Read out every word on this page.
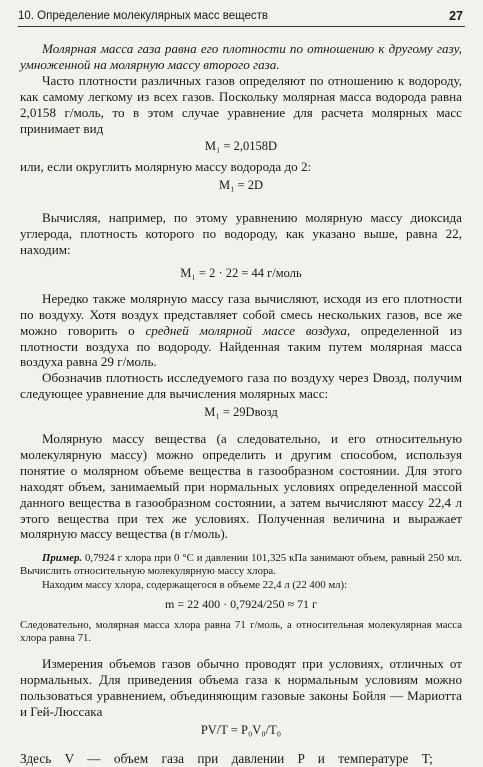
10. Определение молекулярных масс веществ	27

Молярная масса газа равна его плотности по отношению к другому газу, умноженной на молярную массу второго газа.

Часто плотности различных газов определяют по отношению к водороду, как самому легкому из всех газов. Поскольку молярная масса водорода равна 2,0158 г/моль, то в этом случае уравнение для расчета молярных масс принимает вид

M₁ = 2,0158D

или, если округлить молярную массу водорода до 2:

M₁ = 2D

Вычисляя, например, по этому уравнению молярную массу диоксида углерода, плотность которого по водороду, как указано выше, равна 22, находим:

M₁ = 2 · 22 = 44 г/моль

Нередко также молярную массу газа вычисляют, исходя из его плотности по воздуху. Хотя воздух представляет собой смесь нескольких газов, все же можно говорить о средней молярной массе воздуха, определенной из плотности воздуха по водороду. Найденная таким путем молярная масса воздуха равна 29 г/моль.

Обозначив плотность исследуемого газа по воздуху через Dвозд, получим следующее уравнение для вычисления молярных масс:

M₁ = 29Dвозд

Молярную массу вещества (а следовательно, и его относительную молекулярную массу) можно определить и другим способом, используя понятие о молярном объеме вещества в газообразном состоянии. Для этого находят объем, занимаемый при нормальных условиях определенной массой данного вещества в газообразном состоянии, а затем вычисляют массу 22,4 л этого вещества при тех же условиях. Полученная величина и выражает молярную массу вещества (в г/моль).

Пример. 0,7924 г хлора при 0 °С и давлении 101,325 кПа занимают объем, равный 250 мл. Вычислить относительную молекулярную массу хлора.

Находим массу хлора, содержащегося в объеме 22,4 л (22 400 мл):

m = 22 400 · 0,7924/250 ≈ 71 г

Следовательно, молярная масса хлора равна 71 г/моль, а относительная молекулярная масса хлора равна 71.

Измерения объемов газов обычно проводят при условиях, отличных от нормальных. Для приведения объема газа к нормальным условиям можно пользоваться уравнением, объединяющим газовые законы Бойля — Мариотта и Гей-Люссака

PV/T = P₀V₀/T₀

Здесь V — объем газа при давлении P и температуре T;
